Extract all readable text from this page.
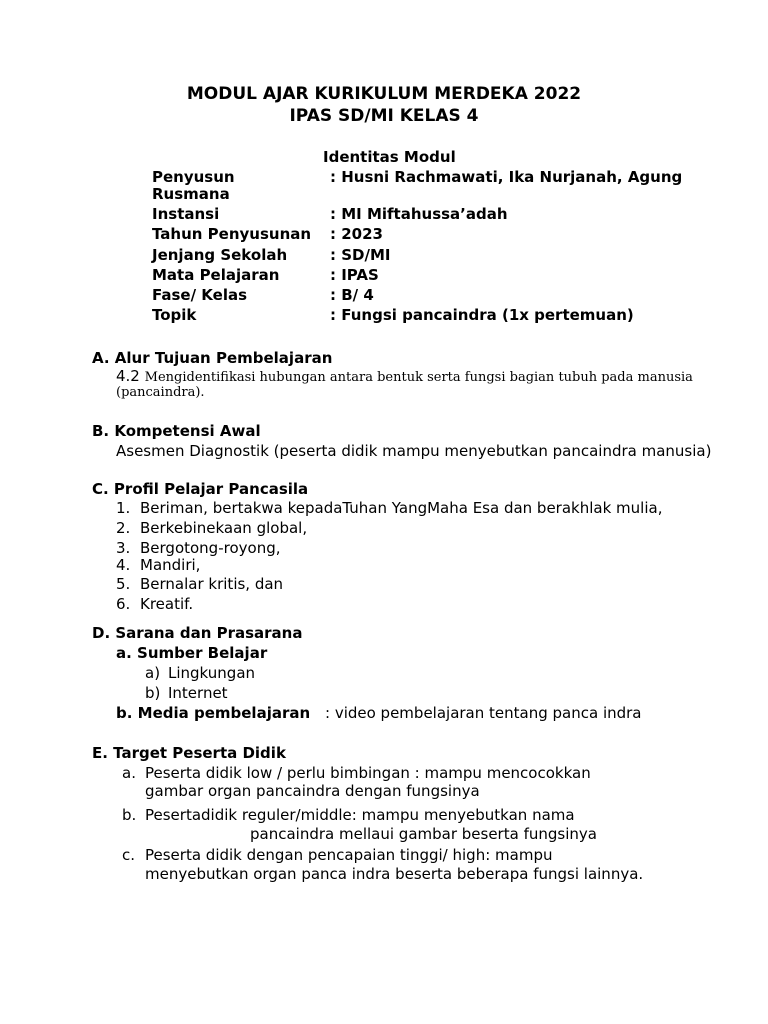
MODUL AJAR KURIKULUM MERDEKA 2022
IPAS SD/MI KELAS 4
Identitas Modul
Penyusun	: Husni Rachmawati, Ika Nurjanah, Agung
Rusmana
Instansi	: MI Miftahussa’adah
Tahun Penyusunan : 2023
Jenjang Sekolah	: SD/MI
Mata Pelajaran	: IPAS
Fase/ Kelas	: B/ 4
Topik	: Fungsi pancaindra (1x pertemuan)
A. Alur Tujuan Pembelajaran
4.2 Mengidentifikasi hubungan antara bentuk serta fungsi bagian tubuh pada manusia
(pancaindra).
B. Kompetensi Awal
Asesmen Diagnostik (peserta didik mampu menyebutkan pancaindra manusia)
C. Profil Pelajar Pancasila
1. Beriman, bertakwa kepadaTuhan YangMaha Esa dan berakhlak mulia,
2. Berkebinekaan global,
3. Bergotong-royong,
4. Mandiri,
5. Bernalar kritis, dan
6. Kreatif.
D. Sarana dan Prasarana
a. Sumber Belajar
a) Lingkungan
b) Internet
b. Media pembelajaran : video pembelajaran tentang panca indra
E. Target Peserta Didik
a. Peserta didik low / perlu bimbingan : mampu mencocokkan
gambar organ pancaindra dengan fungsinya
b. Pesertadidik reguler/middle: mampu menyebutkan nama
pancaindra mellaui gambar beserta fungsinya
c. Peserta didik dengan pencapaian tinggi/ high: mampu
menyebutkan organ panca indra beserta beberapa fungsi lainnya.
